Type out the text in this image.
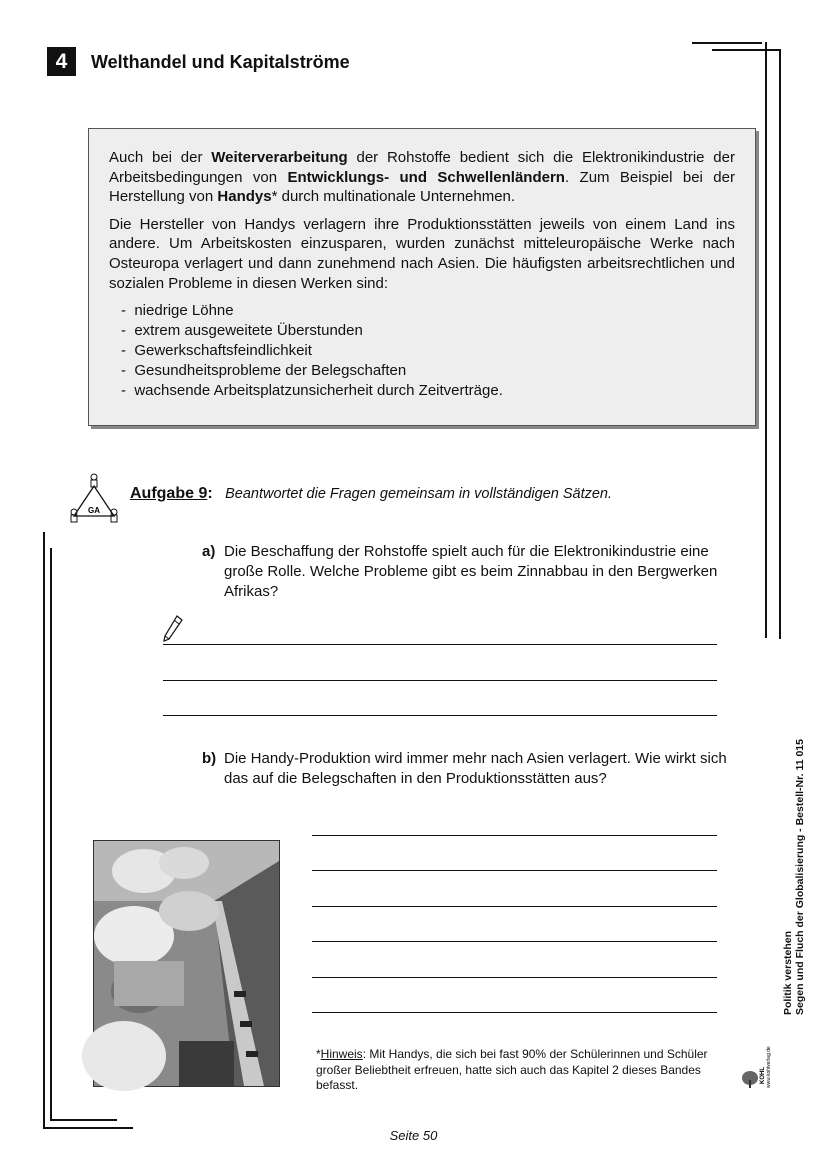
4	Welthandel und Kapitalströme

Auch bei der Weiterverarbeitung der Rohstoffe bedient sich die Elektronikindustrie der Arbeitsbedingungen von Entwicklungs- und Schwellenländern. Zum Beispiel bei der Herstellung von Handys* durch multinationale Unternehmen.

Die Hersteller von Handys verlagern ihre Produktionsstätten jeweils von einem Land ins andere. Um Arbeitskosten einzusparen, wurden zunächst mitteleuropäische Werke nach Osteuropa verlagert und dann zunehmend nach Asien. Die häufigsten arbeitsrechtlichen und sozialen Probleme in diesen Werken sind:

- niedrige Löhne
- extrem ausgeweitete Überstunden
- Gewerkschaftsfeindlichkeit
- Gesundheitsprobleme der Belegschaften
- wachsende Arbeitsplatzunsicherheit durch Zeitverträge.
GA
Aufgabe 9: Beantwortet die Fragen gemeinsam in vollständigen Sätzen.
a) Die Beschaffung der Rohstoffe spielt auch für die Elektronikindustrie eine große Rolle. Welche Probleme gibt es beim Zinnabbau in den Bergwerken Afrikas?
b) Die Handy-Produktion wird immer mehr nach Asien verlagert. Wie wirkt sich das auf die Belegschaften in den Produktionsstätten aus?
*Hinweis: Mit Handys, die sich bei fast 90% der Schülerinnen und Schüler großer Beliebtheit erfreuen, hatte sich auch das Kapitel 2 dieses Bandes befasst.
Seite 50
Politik verstehen Segen und Fluch der Globalisierung - Bestell-Nr. 11 015
KOHL www.kohlverlag.de
